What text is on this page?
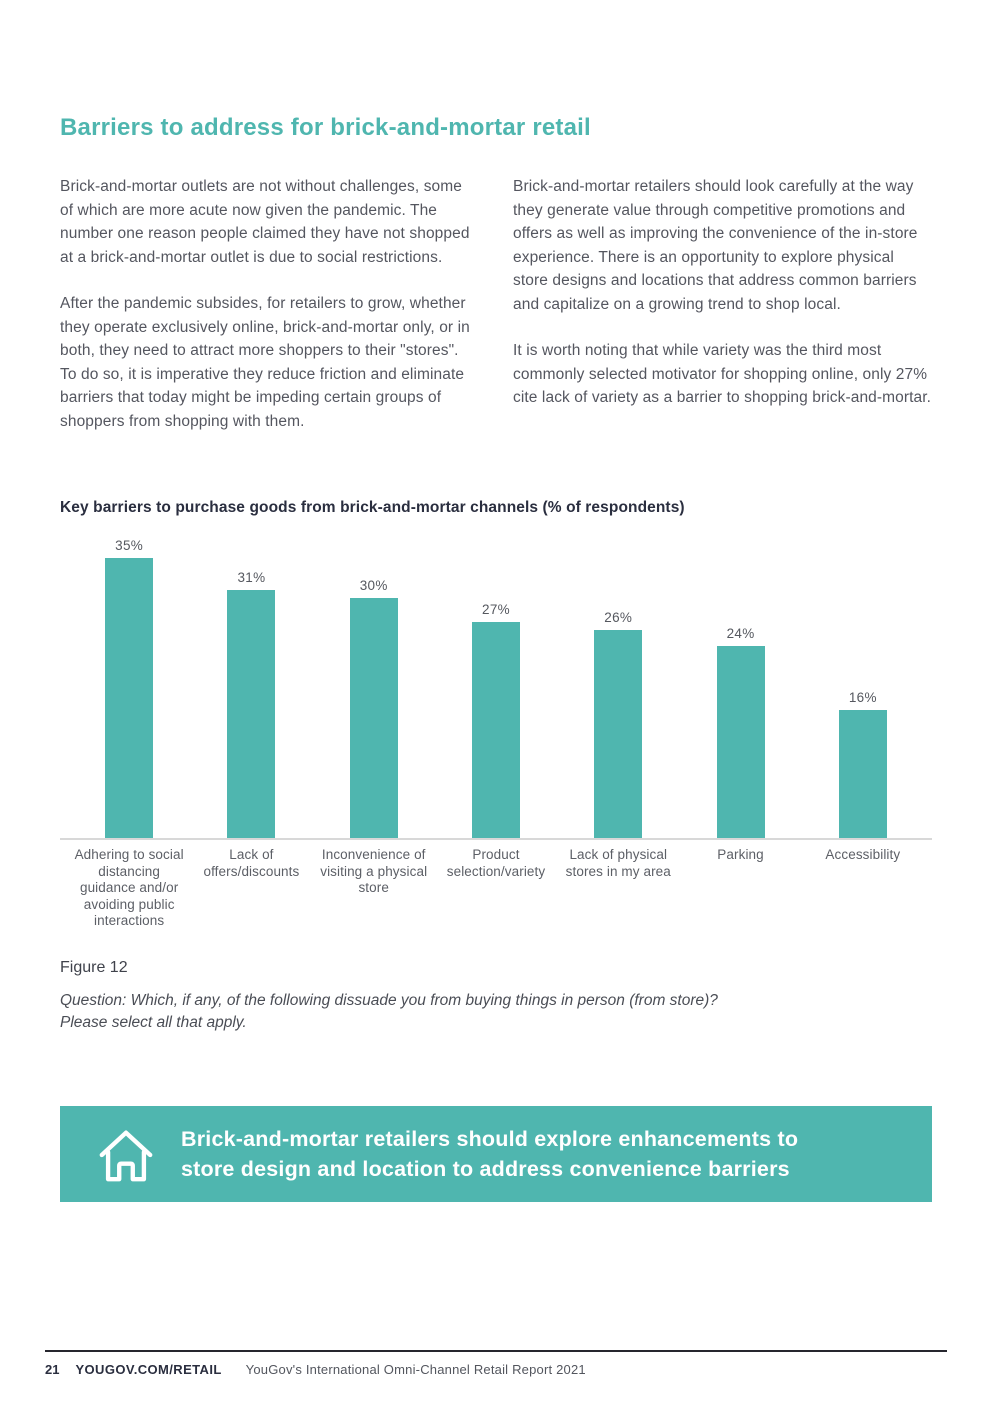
Barriers to address for brick-and-mortar retail

Brick-and-mortar outlets are not without challenges, some of which are more acute now given the pandemic. The number one reason people claimed they have not shopped at a brick-and-mortar outlet is due to social restrictions.

After the pandemic subsides, for retailers to grow, whether they operate exclusively online, brick-and-mortar only, or in both, they need to attract more shoppers to their "stores". To do so, it is imperative they reduce friction and eliminate barriers that today might be impeding certain groups of shoppers from shopping with them.

Brick-and-mortar retailers should look carefully at the way they generate value through competitive promotions and offers as well as improving the convenience of the in-store experience. There is an opportunity to explore physical store designs and locations that address common barriers and capitalize on a growing trend to shop local.

It is worth noting that while variety was the third most commonly selected motivator for shopping online, only 27% cite lack of variety as a barrier to shopping brick-and-mortar.

Key barriers to purchase goods from brick-and-mortar channels (% of respondents)
35%
31%
30%
27%
26%
24%
16%
Adhering to social distancing guidance and/or avoiding public interactions
Lack of offers/discounts
Inconvenience of visiting a physical store
Product selection/variety
Lack of physical stores in my area
Parking	Accessibility
Figure 12
Question: Which, if any, of the following dissuade you from buying things in person (from store)?
Please select all that apply.
Brick-and-mortar retailers should explore enhancements to
store design and location to address convenience barriers
21 YOUGOV.COM/RETAIL YouGov's International Omni-Channel Retail Report 2021
